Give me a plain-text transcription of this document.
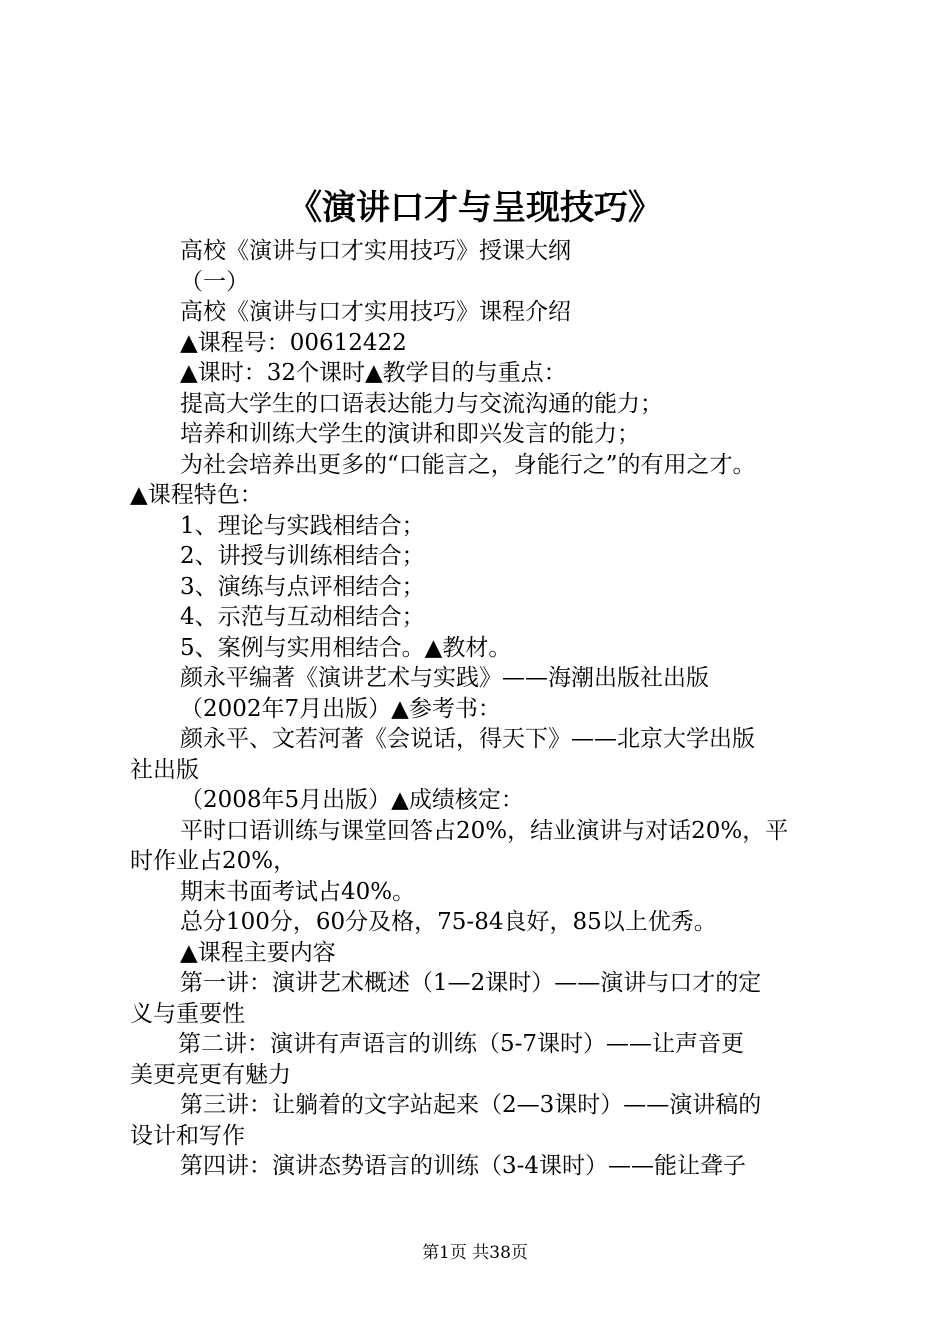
《演讲口才与呈现技巧》
高校《演讲与口才实用技巧》授课大纲
（一）
高校《演讲与口才实用技巧》课程介绍
▲课程号：00612422
▲课时：32个课时▲教学目的与重点：
提高大学生的口语表达能力与交流沟通的能力；
培养和训练大学生的演讲和即兴发言的能力；
为社会培养出更多的“口能言之，身能行之”的有用之才。
▲课程特色：
1、理论与实践相结合；
2、讲授与训练相结合；
3、演练与点评相结合；
4、示范与互动相结合；
5、案例与实用相结合。▲教材。
颜永平编著《演讲艺术与实践》——海潮出版社出版
（2002年7月出版）▲参考书：
颜永平、文若河著《会说话，得天下》——北京大学出版
社出版
（2008年5月出版）▲成绩核定：
平时口语训练与课堂回答占20%，结业演讲与对话20%，平
时作业占20%，
期末书面考试占40%。
总分100分，60分及格，75-84良好，85以上优秀。
▲课程主要内容
第一讲：演讲艺术概述（1—2课时）——演讲与口才的定
义与重要性
第二讲：演讲有声语言的训练（5-7课时）——让声音更
美更亮更有魅力
第三讲：让躺着的文字站起来（2—3课时）——演讲稿的
设计和写作
第四讲：演讲态势语言的训练（3-4课时）——能让聋子
第1页 共38页
